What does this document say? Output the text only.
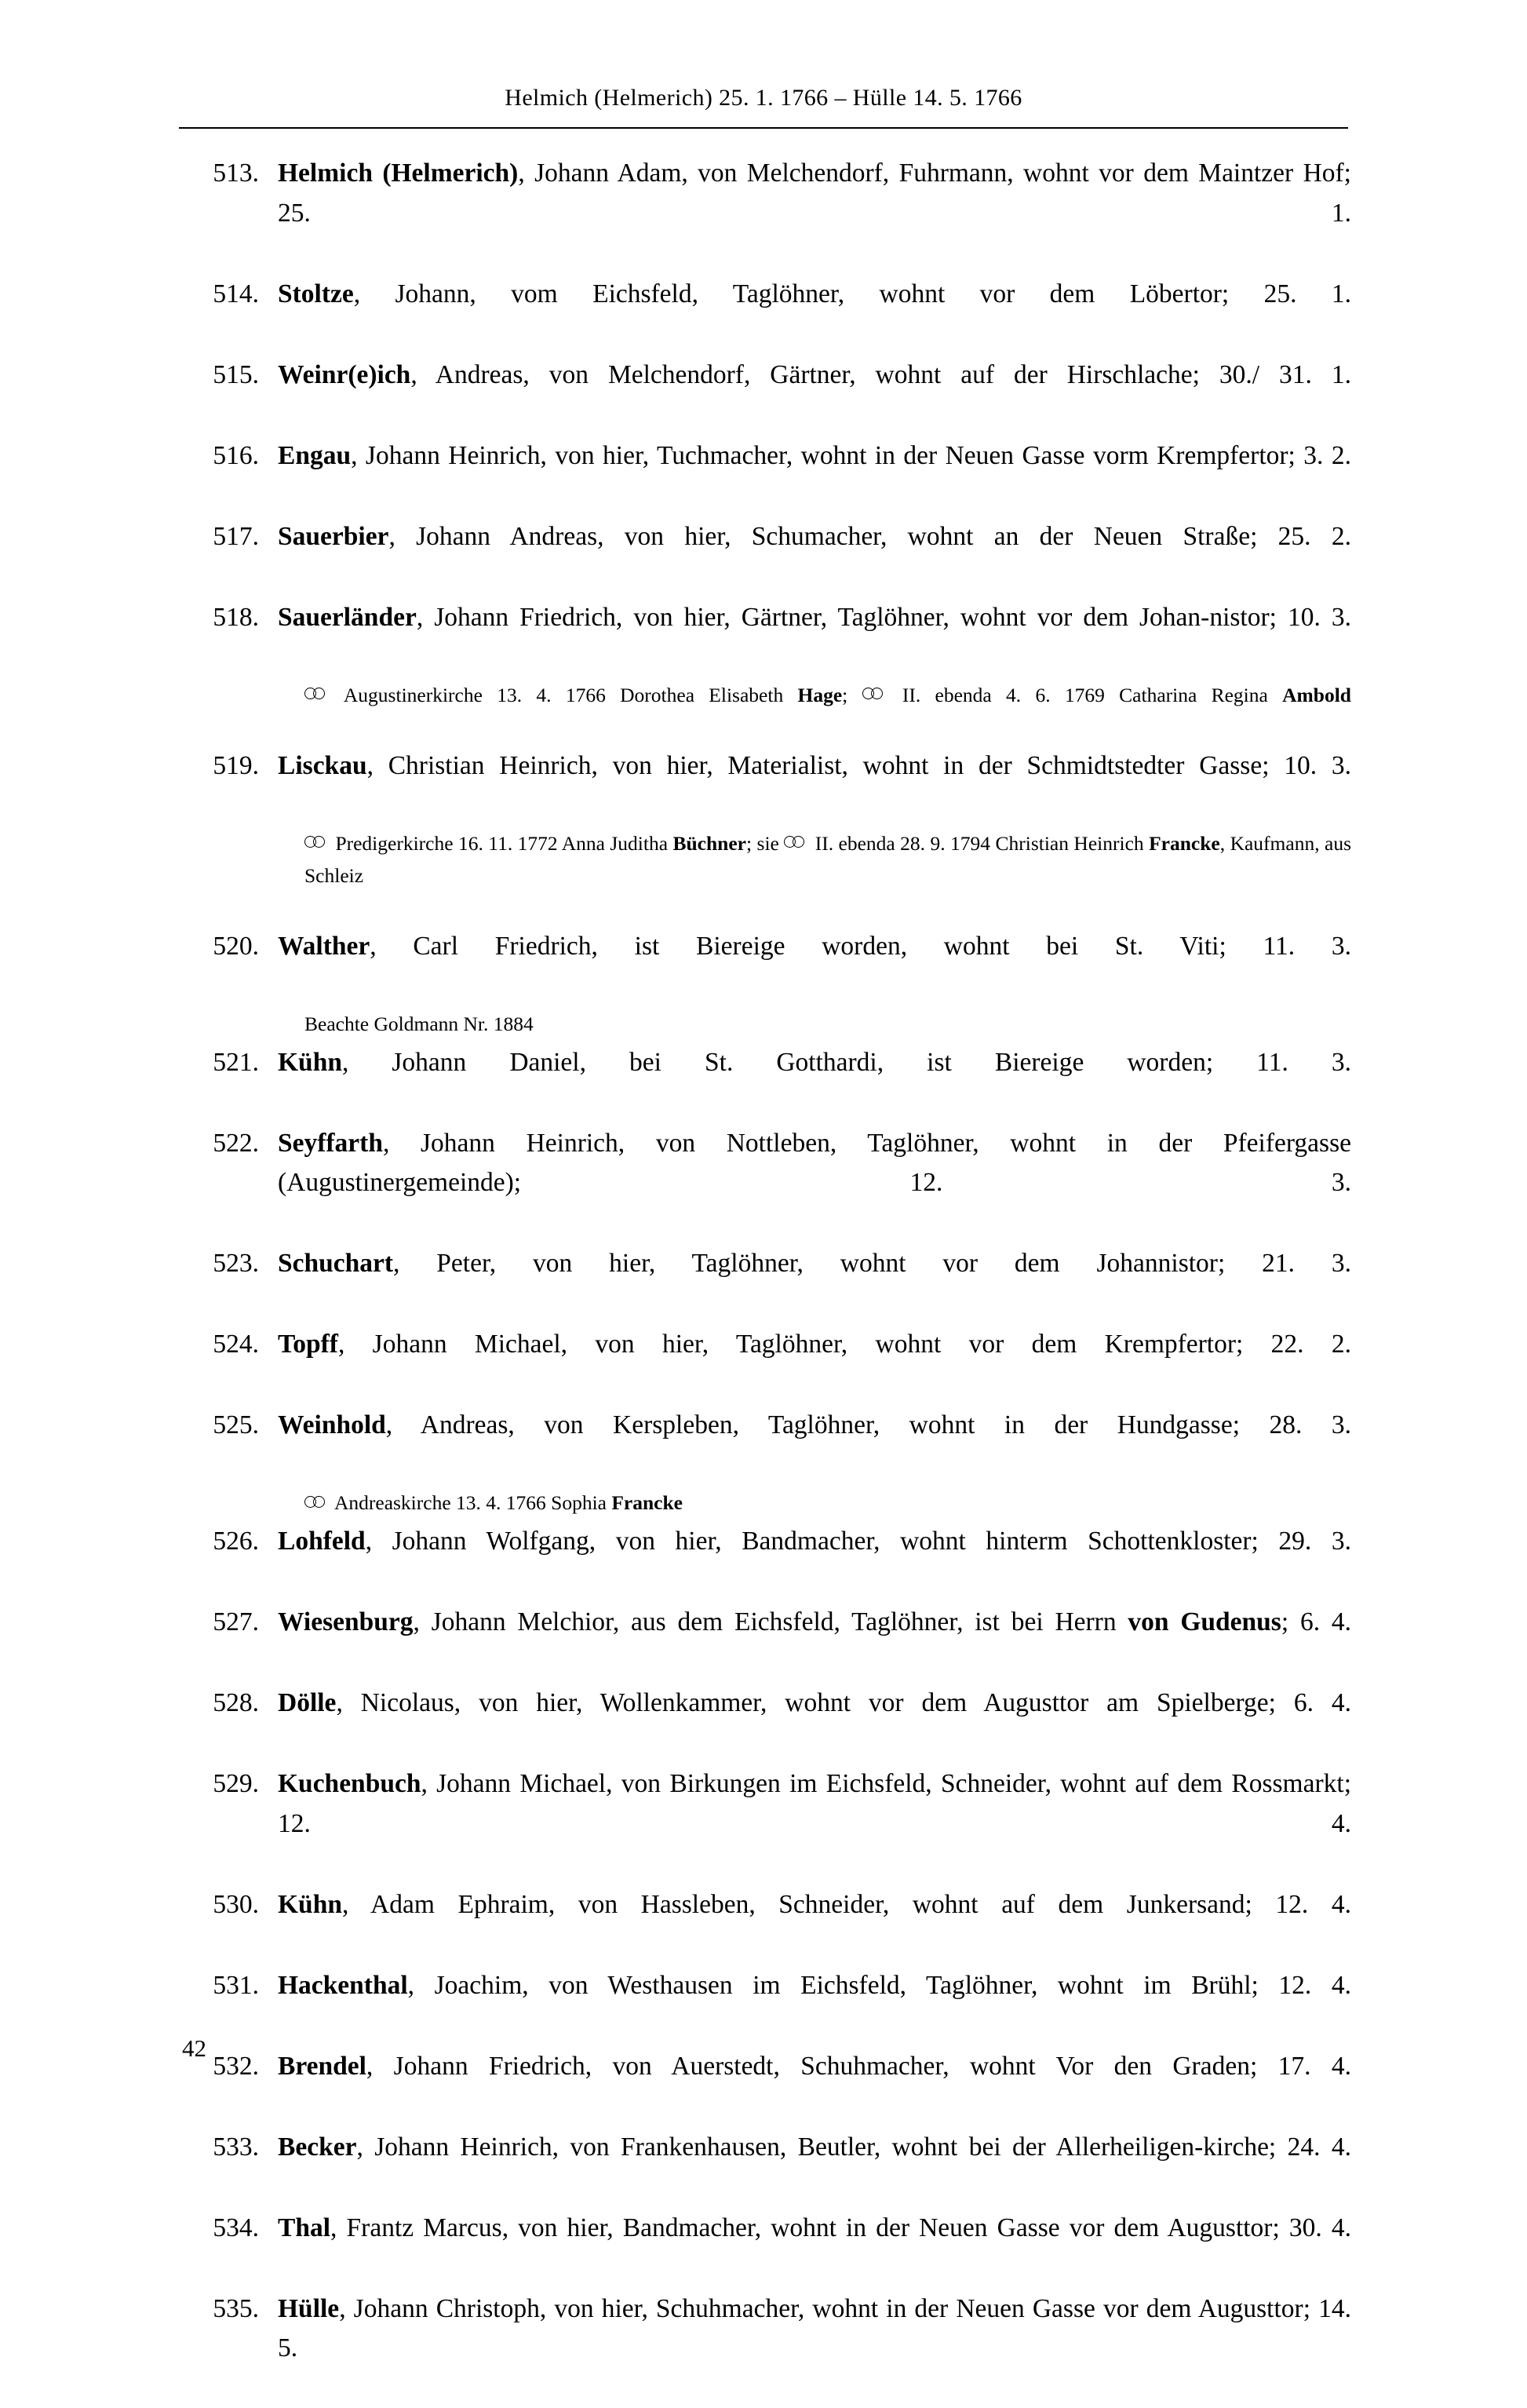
Helmich (Helmerich) 25. 1. 1766 – Hülle 14. 5. 1766

513. Helmich (Helmerich), Johann Adam, von Melchendorf, Fuhrmann, wohnt vor dem Maintzer Hof; 25. 1.

514. Stoltze, Johann, vom Eichsfeld, Taglöhner, wohnt vor dem Löbertor; 25. 1.

515. Weinr(e)ich, Andreas, von Melchendorf, Gärtner, wohnt auf der Hirschlache; 30./ 31. 1.

516. Engau, Johann Heinrich, von hier, Tuchmacher, wohnt in der Neuen Gasse vorm Krempfertor; 3. 2.

517. Sauerbier, Johann Andreas, von hier, Schumacher, wohnt an der Neuen Straße; 25. 2.

518. Sauerländer, Johann Friedrich, von hier, Gärtner, Taglöhner, wohnt vor dem Johan-nistor; 10. 3.

Augustinerkirche 13. 4. 1766 Dorothea Elisabeth Hage;  II. ebenda 4. 6. 1769 Catharina Regina Ambold

519. Lisckau, Christian Heinrich, von hier, Materialist, wohnt in der Schmidtstedter Gasse; 10. 3.

Predigerkirche 16. 11. 1772 Anna Juditha Büchner; sie  II. ebenda 28. 9. 1794 Christian Heinrich Francke, Kaufmann, aus Schleiz

520. Walther, Carl Friedrich, ist Biereige worden, wohnt bei St. Viti; 11. 3.

Beachte Goldmann Nr. 1884

521. Kühn, Johann Daniel, bei St. Gotthardi, ist Biereige worden; 11. 3.

522. Seyffarth, Johann Heinrich, von Nottleben, Taglöhner, wohnt in der Pfeifergasse (Augustinergemeinde); 12. 3.

523. Schuchart, Peter, von hier, Taglöhner, wohnt vor dem Johannistor; 21. 3.

524. Topff, Johann Michael, von hier, Taglöhner, wohnt vor dem Krempfertor; 22. 2.

525. Weinhold, Andreas, von Kerspleben, Taglöhner, wohnt in der Hundgasse; 28. 3.

Andreaskirche 13. 4. 1766 Sophia Francke

526. Lohfeld, Johann Wolfgang, von hier, Bandmacher, wohnt hinterm Schottenkloster; 29. 3.

527. Wiesenburg, Johann Melchior, aus dem Eichsfeld, Taglöhner, ist bei Herrn von Gudenus; 6. 4.

528. Dölle, Nicolaus, von hier, Wollenkammer, wohnt vor dem Augusttor am Spielberge; 6. 4.

529. Kuchenbuch, Johann Michael, von Birkungen im Eichsfeld, Schneider, wohnt auf dem Rossmarkt; 12. 4.

530. Kühn, Adam Ephraim, von Hassleben, Schneider, wohnt auf dem Junkersand; 12. 4.

531. Hackenthal, Joachim, von Westhausen im Eichsfeld, Taglöhner, wohnt im Brühl; 12. 4.

532. Brendel, Johann Friedrich, von Auerstedt, Schuhmacher, wohnt Vor den Graden; 17. 4.

533. Becker, Johann Heinrich, von Frankenhausen, Beutler, wohnt bei der Allerheiligen-kirche; 24. 4.

534. Thal, Frantz Marcus, von hier, Bandmacher, wohnt in der Neuen Gasse vor dem Augusttor; 30. 4.

535. Hülle, Johann Christoph, von hier, Schuhmacher, wohnt in der Neuen Gasse vor dem Augusttor; 14. 5.

42
